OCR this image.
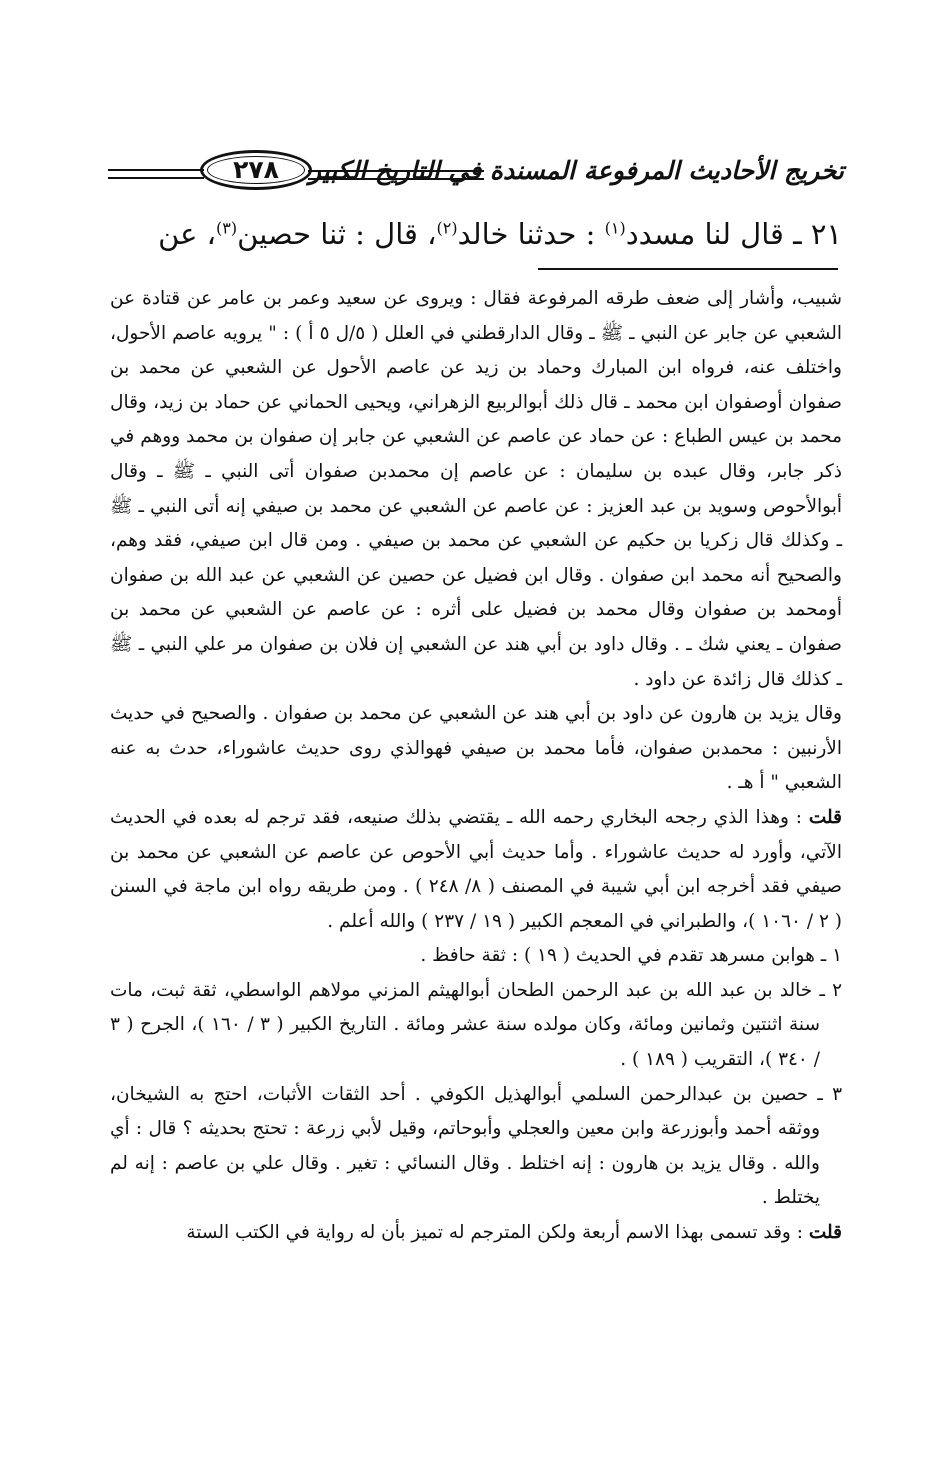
تخريج الأحاديث المرفوعة المسندة في التاريخ الكبير
٢٧٨
٢١ ـ قال لنا مسدد$^{(١)}$ : حدثنا خالد$^{(٢)}$، قال : ثنا حصين$^{(٣)}$، عن

شبيب، وأشار إلى ضعف طرقه المرفوعة فقال : ويروى عن سعيد وعمر بن عامر عن قتادة عن الشعبي عن جابر عن النبي ـ ﷺ ـ وقال الدارقطني في العلل ( ٥/ل ٥ أ ) : " يرويه عاصم الأحول، واختلف عنه، فرواه ابن المبارك وحماد بن زيد عن عاصم الأحول عن الشعبي عن محمد بن صفوان أوصفوان ابن محمد ـ قال ذلك أبوالربيع الزهراني، ويحيى الحماني عن حماد بن زيد، وقال محمد بن عيس الطباع : عن حماد عن عاصم عن الشعبي عن جابر إن صفوان بن محمد ووهم في ذكر جابر، وقال عبده بن سليمان : عن عاصم إن محمدبن صفوان أتى النبي ـ ﷺ ـ وقال أبوالأحوص وسويد بن عبد العزيز : عن عاصم عن الشعبي عن محمد بن صيفي إنه أتى النبي ـ ﷺ ـ وكذلك قال زكريا بن حكيم عن الشعبي عن محمد بن صيفي . ومن قال ابن صيفي، فقد وهم، والصحيح أنه محمد ابن صفوان . وقال ابن فضيل عن حصين عن الشعبي عن عبد الله بن صفوان أومحمد بن صفوان وقال محمد بن فضيل على أثره : عن عاصم عن الشعبي عن محمد بن صفوان ـ يعني شك ـ . وقال داود بن أبي هند عن الشعبي إن فلان بن صفوان مر علي النبي ـ ﷺ ـ كذلك قال زائدة عن داود .

وقال يزيد بن هارون عن داود بن أبي هند عن الشعبي عن محمد بن صفوان . والصحيح في حديث الأرنبين : محمدبن صفوان، فأما محمد بن صيفي فهوالذي روى حديث عاشوراء، حدث به عنه الشعبي " أ هـ .

قلت : وهذا الذي رجحه البخاري رحمه الله ـ يقتضي بذلك صنيعه، فقد ترجم له بعده في الحديث الآتي، وأورد له حديث عاشوراء . وأما حديث أبي الأحوص عن عاصم عن الشعبي عن محمد بن صيفي فقد أخرجه ابن أبي شيبة في المصنف ( ٨/ ٢٤٨ ) . ومن طريقه رواه ابن ماجة في السنن ( ٢ / ١٠٦٠ )، والطبراني في المعجم الكبير ( ١٩ / ٢٣٧ ) والله أعلم .

١ ـ هوابن مسرهد تقدم في الحديث ( ١٩ ) : ثقة حافظ .

٢ ـ خالد بن عبد الله بن عبد الرحمن الطحان أبوالهيثم المزني مولاهم الواسطي، ثقة ثبت، مات سنة اثنتين وثمانين ومائة، وكان مولده سنة عشر ومائة . التاريخ الكبير ( ٣ / ١٦٠ )، الجرح ( ٣ / ٣٤٠ )، التقريب ( ١٨٩ ) .

٣ ـ حصين بن عبدالرحمن السلمي أبوالهذيل الكوفي . أحد الثقات الأثبات، احتج به الشيخان، ووثقه أحمد وأبوزرعة وابن معين والعجلي وأبوحاتم، وقيل لأبي زرعة : تحتج بحديثه ؟ قال : أي والله . وقال يزيد بن هارون : إنه اختلط . وقال النسائي : تغير . وقال علي بن عاصم : إنه لم يختلط .

قلت : وقد تسمى بهذا الاسم أربعة ولكن المترجم له تميز بأن له رواية في الكتب الستة
